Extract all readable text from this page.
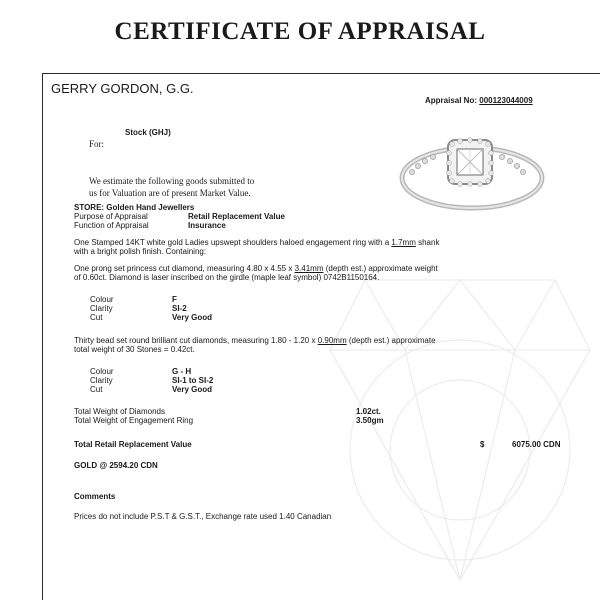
CERTIFICATE OF APPRAISAL
GERRY GORDON, G.G.
Appraisal No: 000123044009
Stock (GHJ)
For:
We estimate the following goods submitted to
us for Valuation are of present Market Value.
STORE: Golden Hand Jewellers
Purpose of Appraisal	Retail Replacement Value
Function of Appraisal	Insurance
One Stamped 14KT white gold Ladies upswept shoulders haloed engagement ring with a 1.7mm shank
with a bright polish finish. Containing:
One prong set princess cut diamond, measuring 4.80 x 4.55 x 3.41mm (depth est.) approximate weight
of 0.60ct. Diamond is laser inscribed on the girdle (maple leaf symbol) 0742B1150164.
Colour	F
Clarity	SI-2
Cut	Very Good
Thirty bead set round brilliant cut diamonds, measuring 1.80 - 1.20 x 0.90mm (depth est.) approximate
total weight of 30 Stones = 0.42ct.
Colour	G - H
Clarity	SI-1 to SI-2
Cut	Very Good
Total Weight of Diamonds	1.02ct.
Total Weight of Engagement Ring	3.50gm
Total Retail Replacement Value	$	6075.00 CDN
GOLD @ 2594.20 CDN
Comments
Prices do not include P.S.T & G.S.T., Exchange rate used 1.40 Canadian
